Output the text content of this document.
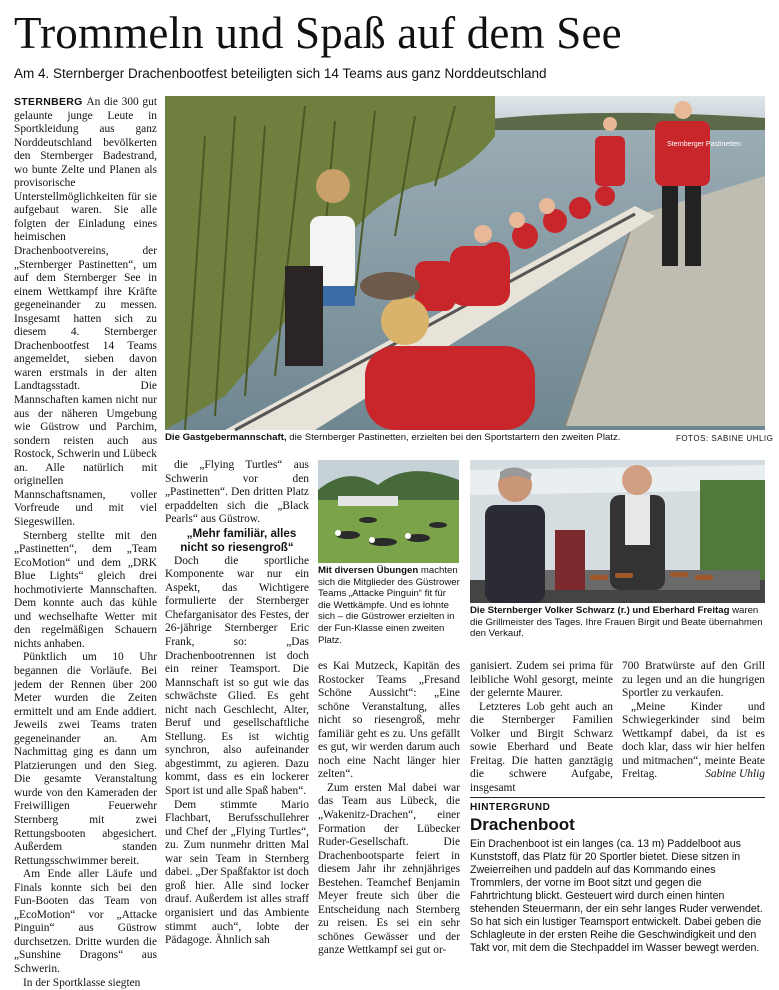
Trommeln und Spaß auf dem See
Am 4. Sternberger Drachenbootfest beteiligten sich 14 Teams aus ganz Norddeutschland

STERNBERG An die 300 gut gelaunte junge Leute in Sportkleidung aus ganz Norddeutschland bevölkerten den Sternberger Badestrand, wo bunte Zelte und Planen als provisorische Unterstellmöglichkeiten für sie aufgebaut waren. Sie alle folgten der Einladung eines heimischen Drachenbootvereins, der „Sternberger Pastinetten“, um auf dem Sternberger See in einem Wettkampf ihre Kräfte gegeneinander zu messen. Insgesamt hatten sich zu diesem 4. Sternberger Drachenbootfest 14 Teams angemeldet, sieben davon waren erstmals in der alten Landtagsstadt. Die Mannschaften kamen nicht nur aus der näheren Umgebung wie Güstrow und Parchim, sondern reisten auch aus Rostock, Schwerin und Lübeck an. Alle natürlich mit originellen Mannschaftsnamen, voller Vorfreude und mit viel Siegeswillen.

Sternberg stellte mit den „Pastinetten“, dem „Team EcoMotion“ und dem „DRK Blue Lights“ gleich drei hochmotivierte Mannschaften. Dem konnte auch das kühle und wechselhafte Wetter mit den regelmäßigen Schauern nichts anhaben.

Pünktlich um 10 Uhr begannen die Vorläufe. Bei jedem der Rennen über 200 Meter wurden die Zeiten ermittelt und am Ende addiert. Jeweils zwei Teams traten gegeneinander an. Am Nachmittag ging es dann um Platzierungen und den Sieg. Die gesamte Veranstaltung wurde von den Kameraden der Freiwilligen Feuerwehr Sternberg mit zwei Rettungsbooten abgesichert. Außerdem standen Rettungsschwimmer bereit.

Am Ende aller Läufe und Finals konnte sich bei den Fun-Booten das Team von „EcoMotion“ vor „Attacke Pinguin“ aus Güstrow durchsetzen. Dritte wurden die „Sunshine Dragons“ aus Schwerin.

In der Sportklasse siegten

Sternberger Pastinetten
Die Gastgebermannschaft, die Sternberger Pastinetten, erzielten bei den Sportstartern den zweiten Platz.	FOTOS: SABINE UHLIG

die „Flying Turtles“ aus Schwerin vor den „Pastinetten“. Den dritten Platz erpaddelten sich die „Black Pearls“ aus Güstrow.

„Mehr familiär, alles nicht so riesengroß“

Doch die sportliche Komponente war nur ein Aspekt, das Wichtigere formulierte der Sternberger Chefarganisator des Festes, der 26-jährige Sternberger Eric Frank, so: „Das Drachenbootrennen ist doch ein reiner Teamsport. Die Mannschaft ist so gut wie das schwächste Glied. Es geht nicht nach Geschlecht, Alter, Beruf und gesellschaftliche Stellung. Es ist wichtig synchron, also aufeinander abgestimmt, zu agieren. Dazu kommt, dass es ein lockerer Sport ist und alle Spaß haben“.

Dem stimmte Mario Flachbart, Berufsschullehrer und Chef der „Flying Turtles“, zu. Zum nunmehr dritten Mal war sein Team in Sternberg dabei. „Der Spaßfaktor ist doch groß hier. Alle sind locker drauf. Außerdem ist alles straff organisiert und das Ambiente stimmt auch“, lobte der Pädagoge. Ähnlich sah

Mit diversen Übungen machten sich die Mitglieder des Güstrower Teams „Attacke Pinguin“ fit für die Wettkämpfe. Und es lohnte sich – die Güstrower erzielten in der Fun-Klasse einen zweiten Platz.
Die Sternberger Volker Schwarz (r.) und Eberhard Freitag waren die Grillmeister des Tages. Ihre Frauen Birgit und Beate übernahmen den Verkauf.

es Kai Mutzeck, Kapitän des Rostocker Teams „Fresand Schöne Aussicht“: „Eine schöne Veranstaltung, alles nicht so riesengroß, mehr familiär geht es zu. Uns gefällt es gut, wir werden darum auch noch eine Nacht länger hier zelten“.

Zum ersten Mal dabei war das Team aus Lübeck, die „Wakenitz-Drachen“, einer Formation der Lübecker Ruder-Gesellschaft. Die Drachenbootsparte feiert in diesem Jahr ihr zehnjähriges Bestehen. Teamchef Benjamin Meyer freute sich über die Entscheidung nach Sternberg zu reisen. Es sei ein sehr schönes Gewässer und der ganze Wettkampf sei gut or-

ganisiert. Zudem sei prima für leibliche Wohl gesorgt, meinte der gelernte Maurer.

Letzteres Lob geht auch an die Sternberger Familien Volker und Birgit Schwarz sowie Eberhard und Beate Freitag. Die hatten ganztägig die schwere Aufgabe, insgesamt

700 Bratwürste auf den Grill zu legen und an die hungrigen Sportler zu verkaufen.

„Meine Kinder und Schwiegerkinder sind beim Wettkampf dabei, da ist es doch klar, dass wir hier helfen und mitmachen“, meinte Beate Freitag.	Sabine Uhlig

HINTERGRUND
Drachenboot

Ein Drachenboot ist ein langes (ca. 13 m) Paddelboot aus Kunststoff, das Platz für 20 Sportler bietet. Diese sitzen in Zweierreihen und paddeln auf das Kommando eines Trommlers, der vorne im Boot sitzt und gegen die Fahrtrichtung blickt. Gesteuert wird durch einen hinten stehenden Steuermann, der ein sehr langes Ruder verwendet.

So hat sich ein lustiger Teamsport entwickelt. Dabei geben die Schlagleute in der ersten Reihe die Geschwindigkeit und den Takt vor, mit dem die Stechpaddel im Wasser bewegt werden.
